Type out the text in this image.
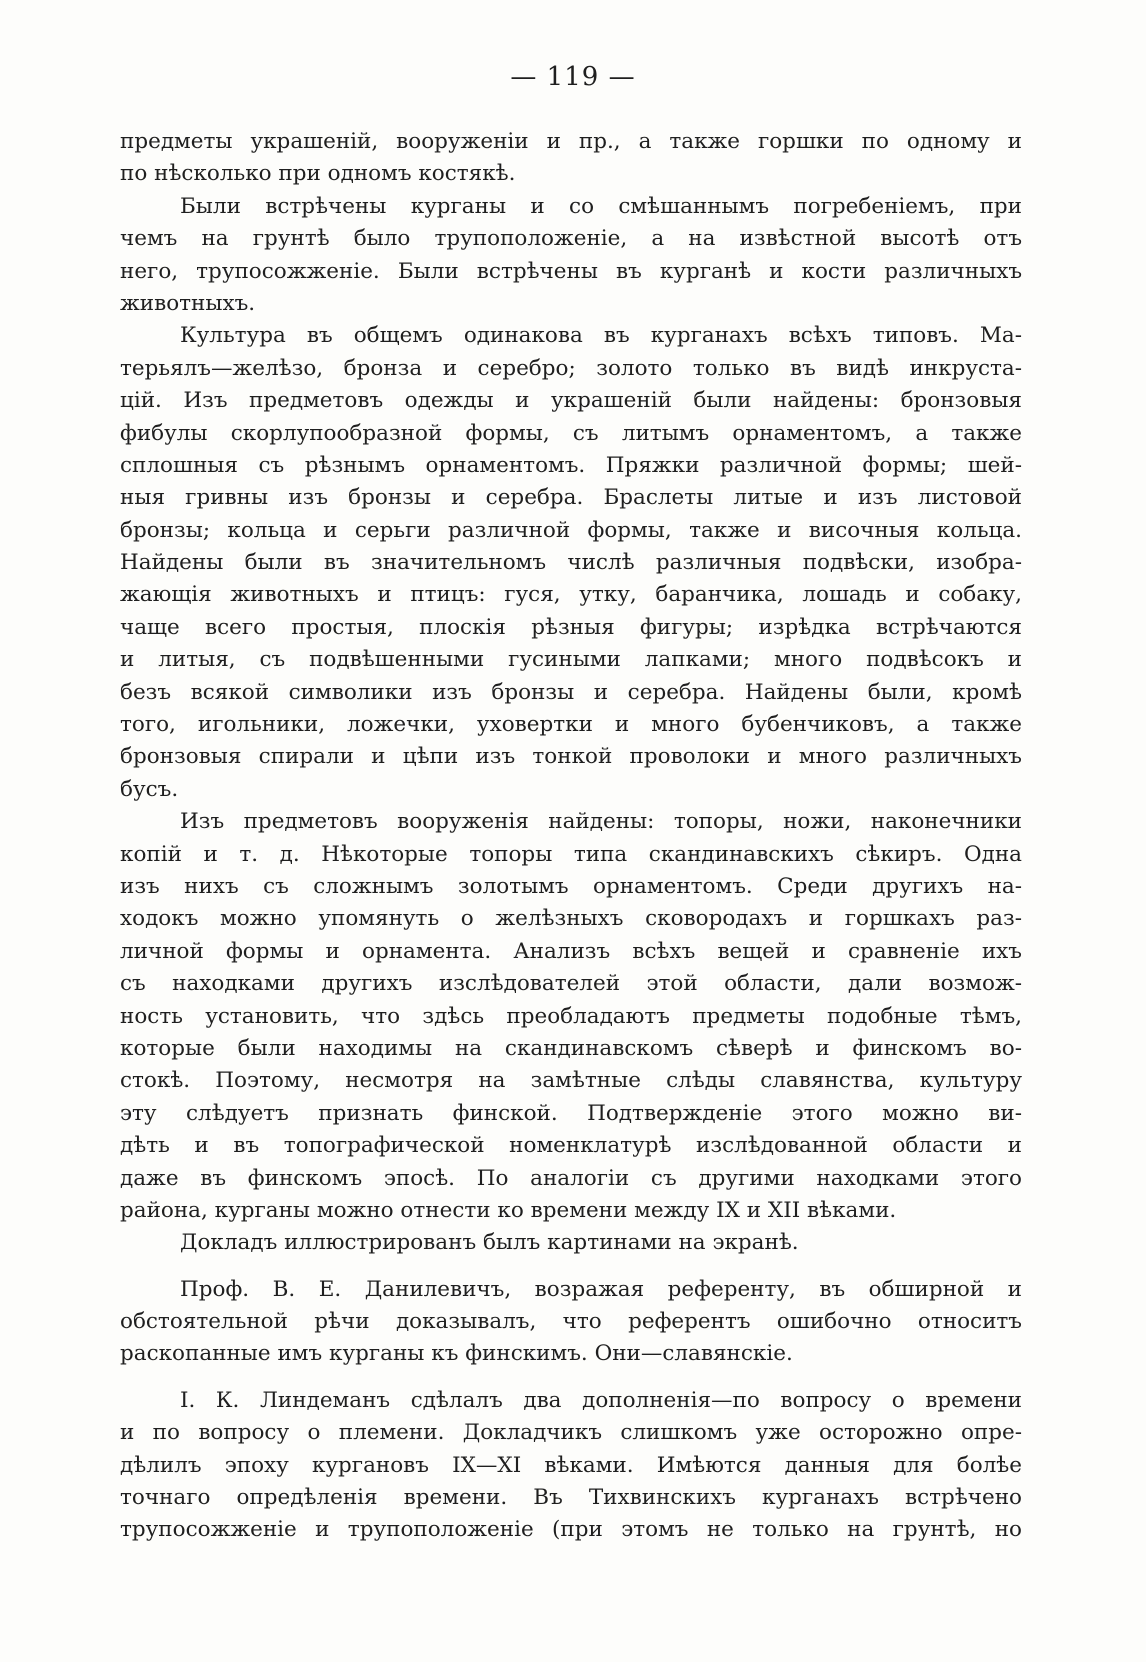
— 119 —
предметы украшенiй, вооруженiи и пр., а также горшки по одному и
по нѣсколько при одномъ костякѣ.
Были встрѣчены курганы и со смѣшаннымъ погребенiемъ, при
чемъ на грунтѣ было трупоположенiе, а на извѣстной высотѣ отъ
него, трупосожженiе. Были встрѣчены въ курганѣ и кости различныхъ
животныхъ.
Культура въ общемъ одинакова въ курганахъ всѣхъ типовъ. Ма-
терьялъ—желѣзо, бронза и серебро; золото только въ видѣ инкруста-
цiй. Изъ предметовъ одежды и украшенiй были найдены: бронзовыя
фибулы скорлупообразной формы, съ литымъ орнаментомъ, а также
сплошныя съ рѣзнымъ орнаментомъ. Пряжки различной формы; шей-
ныя гривны изъ бронзы и серебра. Браслеты литые и изъ листовой
бронзы; кольца и серьги различной формы, также и височныя кольца.
Найдены были въ значительномъ числѣ различныя подвѣски, изобра-
жающiя животныхъ и птицъ: гуся, утку, баранчика, лошадь и собаку,
чаще всего простыя, плоскiя рѣзныя фигуры; изрѣдка встрѣчаются
и литыя, съ подвѣшенными гусиными лапками; много подвѣсокъ и
безъ всякой символики изъ бронзы и серебра. Найдены были, кромѣ
того, игольники, ложечки, уховертки и много бубенчиковъ, а также
бронзовыя спирали и цѣпи изъ тонкой проволоки и много различныхъ
бусъ.
Изъ предметовъ вооруженiя найдены: топоры, ножи, наконечники
копiй и т. д. Нѣкоторые топоры типа скандинавскихъ сѣкиръ. Одна
изъ нихъ съ сложнымъ золотымъ орнаментомъ. Среди другихъ на-
ходокъ можно упомянуть о желѣзныхъ сковородахъ и горшкахъ раз-
личной формы и орнамента. Анализъ всѣхъ вещей и сравненiе ихъ
съ находками другихъ изслѣдователей этой области, дали возмож-
ность установить, что здѣсь преобладаютъ предметы подобные тѣмъ,
которые были находимы на скандинавскомъ сѣверѣ и финскомъ во-
стокѣ. Поэтому, несмотря на замѣтные слѣды славянства, культуру
эту слѣдуетъ признать финской. Подтвержденiе этого можно ви-
дѣть и въ топографической номенклатурѣ изслѣдованной области и
даже въ финскомъ эпосѣ. По аналогiи съ другими находками этого
района, курганы можно отнести ко времени между IX и XII вѣками.
Докладъ иллюстрированъ былъ картинами на экранѣ.
Проф. В. Е. Данилевичъ, возражая референту, въ обширной и
обстоятельной рѣчи доказывалъ, что референтъ ошибочно относитъ
раскопанные имъ курганы къ финскимъ. Они—славянскiе.
I. К. Линдеманъ сдѣлалъ два дополненiя—по вопросу о времени
и по вопросу о племени. Докладчикъ слишкомъ уже осторожно опре-
дѣлилъ эпоху кургановъ IX—XI вѣками. Имѣются данныя для болѣе
точнаго опредѣленiя времени. Въ Тихвинскихъ курганахъ встрѣчено
трупосожженiе и трупоположенiе (при этомъ не только на грунтѣ, но
